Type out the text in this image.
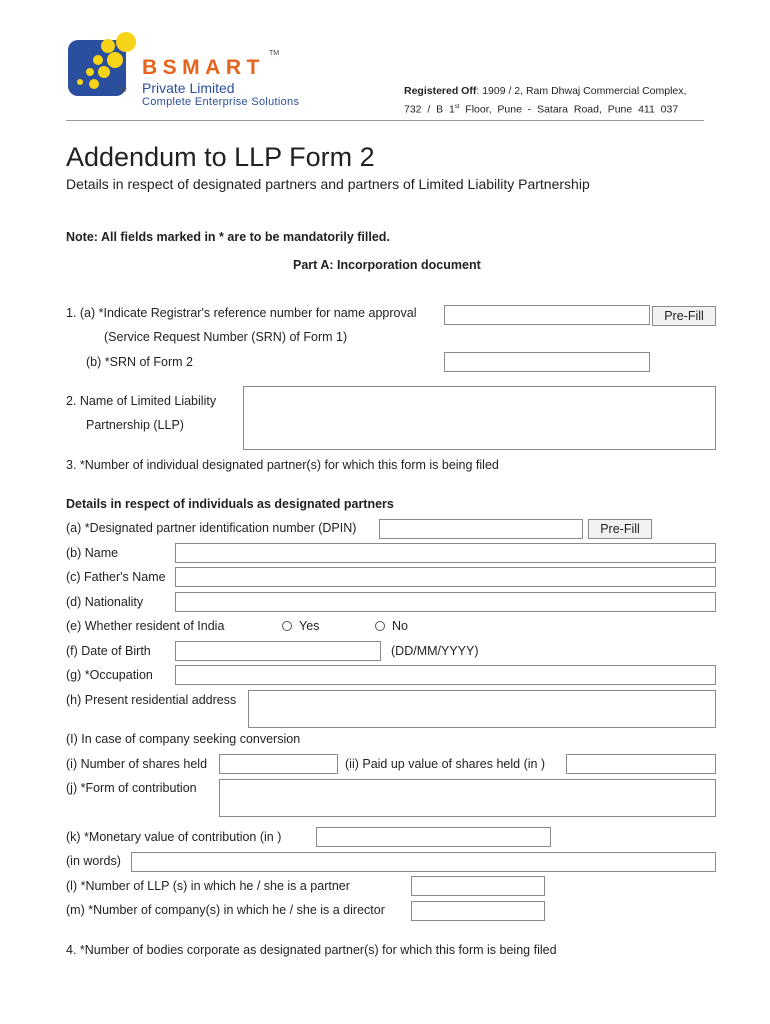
TM
BSMART
TM
Private Limited
Complete Enterprise Solutions
Registered Off: 1909 / 2, Ram Dhwaj Commercial Complex,
732  /  B  1st  Floor,  Pune  -  Satara  Road,  Pune  411  037
Addendum to LLP Form 2
Details in respect of designated partners and partners of Limited Liability Partnership
Note: All fields marked in * are to be mandatorily filled.
Part A: Incorporation document
1. (a) *Indicate Registrar's reference number for name approval	Pre-Fill
(Service Request Number (SRN) of Form 1)
(b) *SRN of Form 2
2. Name of Limited Liability
Partnership (LLP)
3. *Number of individual designated partner(s) for which this form is being filed
Details in respect of individuals as designated partners
(a) *Designated partner identification number (DPIN)	Pre-Fill
(b) Name
(c) Father's Name
(d) Nationality
(e) Whether resident of India	Yes	No
(f) Date of Birth	(DD/MM/YYYY)
(g) *Occupation
(h) Present residential address
(I) In case of company seeking conversion
(i) Number of shares held	(ii) Paid up value of shares held (in )
(j) *Form of contribution
(k) *Monetary value of contribution (in )
(in words)
(l) *Number of LLP (s) in which he / she is a partner
(m) *Number of company(s) in which he / she is a director
4. *Number of bodies corporate as designated partner(s) for which this form is being filed
